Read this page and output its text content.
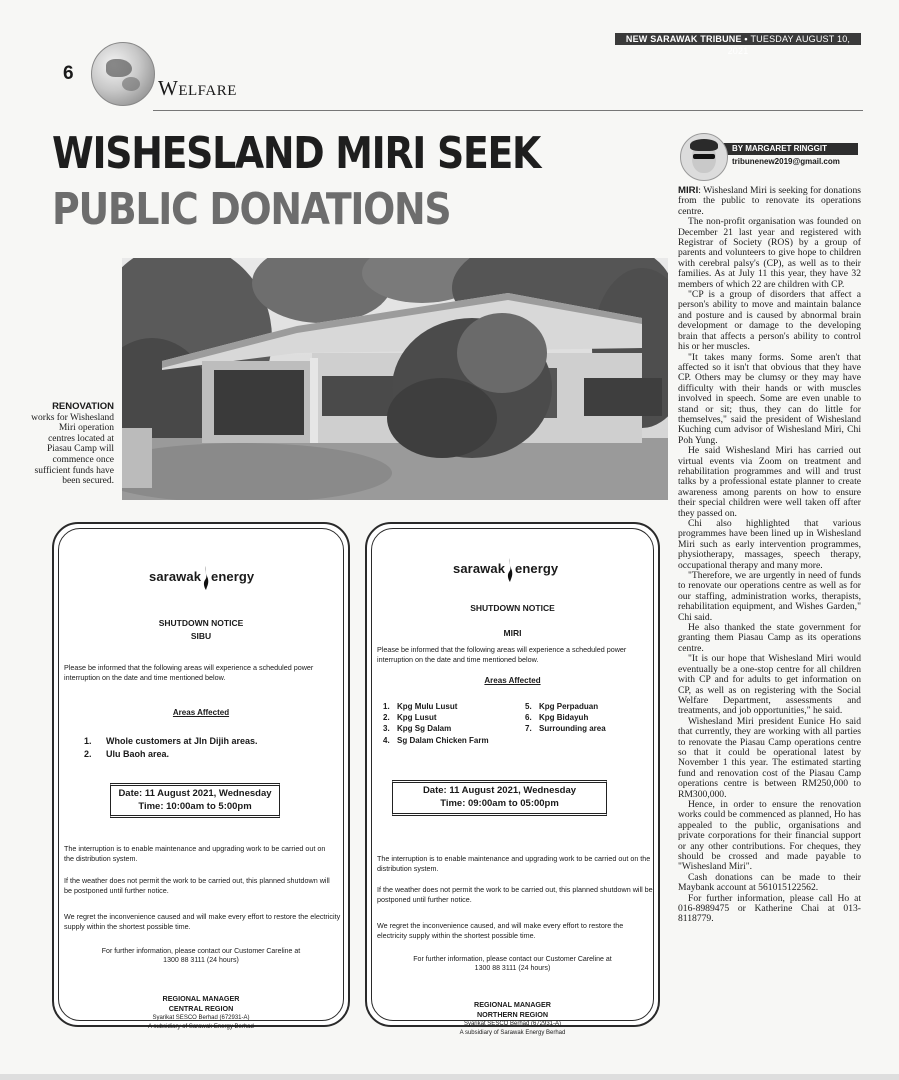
NEW SARAWAK TRIBUNE • TUESDAY AUGUST 10, 2021
6
WELFARE
WISHESLAND MIRI SEEK
PUBLIC DONATIONS
RENOVATION works for Wishesland Miri operation centres located at Piasau Camp will commence once sufficient funds have been secured.
BY MARGARET RINGGIT
tribunenew2019@gmail.com

MIRI: Wishesland Miri is seeking for donations from the public to renovate its operations centre.

The non-profit organisation was founded on December 21 last year and registered with Registrar of Society (ROS) by a group of parents and volunteers to give hope to children with cerebral palsy's (CP), as well as to their families. As at July 11 this year, they have 32 members of which 22 are children with CP.

"CP is a group of disorders that affect a person's ability to move and maintain balance and posture and is caused by abnormal brain development or damage to the developing brain that affects a person's ability to control his or her muscles.

"It takes many forms. Some aren't that affected so it isn't that obvious that they have CP. Others may be clumsy or they may have difficulty with their hands or with muscles involved in speech. Some are even unable to stand or sit; thus, they can do little for themselves," said the president of Wishesland Kuching cum advisor of Wishesland Miri, Chi Poh Yung.

He said Wishesland Miri has carried out virtual events via Zoom on treatment and rehabilitation programmes and will and trust talks by a professional estate planner to create awareness among parents on how to ensure their special children were well taken off after they passed on.

Chi also highlighted that various programmes have been lined up in Wishesland Miri such as early intervention programmes, physiotherapy, massages, speech therapy, occupational therapy and many more.

"Therefore, we are urgently in need of funds to renovate our operations centre as well as for our staffing, administration works, therapists, rehabilitation equipment, and Wishes Garden," Chi said.

He also thanked the state government for granting them Piasau Camp as its operations centre.

"It is our hope that Wishesland Miri would eventually be a one-stop centre for all children with CP and for adults to get information on CP, as well as on registering with the Social Welfare Department, assessments and treatments, and job opportunities," he said.

Wishesland Miri president Eunice Ho said that currently, they are working with all parties to renovate the Piasau Camp operations centre so that it could be operational latest by November 1 this year. The estimated starting fund and renovation cost of the Piasau Camp operations centre is between RM250,000 to RM300,000.

Hence, in order to ensure the renovation works could be commenced as planned, Ho has appealed to the public, organisations and private corporations for their financial support or any other contributions. For cheques, they should be crossed and made payable to "Wishesland Miri".

Cash donations can be made to their Maybank account at 561015122562.

For further information, please call Ho at 016-8989475 or Katherine Chai at 013-8118779.

sarawak energy
SHUTDOWN NOTICE
SIBU
Please be informed that the following areas will experience a scheduled power interruption on the date and time mentioned below.
Areas Affected
1. Whole customers at Jln Dijih areas.
2. Ulu Baoh area.
Date: 11 August 2021, Wednesday
Time: 10:00am to 5:00pm
The interruption is to enable maintenance and upgrading work to be carried out on the distribution system.
If the weather does not permit the work to be carried out, this planned shutdown will be postponed until further notice.
We regret the inconvenience caused and will make every effort to restore the electricity supply within the shortest possible time.
For further information, please contact our Customer Careline at
1300 88 3111 (24 hours)
REGIONAL MANAGER
CENTRAL REGION
Syarikat SESCO Berhad (672931-A)
A subsidiary of Sarawak Energy Berhad
sarawak energy
SHUTDOWN NOTICE
MIRI
Please be informed that the following areas will experience a scheduled power interruption on the date and time mentioned below.
Areas Affected
1. Kpg Mulu Lusut
2. Kpg Lusut
3. Kpg Sg Dalam
4. Sg Dalam Chicken Farm
5. Kpg Perpaduan
6. Kpg Bidayuh
7. Surrounding area
Date: 11 August 2021, Wednesday
Time: 09:00am to 05:00pm
The interruption is to enable maintenance and upgrading work to be carried out on the distribution system.
If the weather does not permit the work to be carried out, this planned shutdown will be postponed until further notice.
We regret the inconvenience caused, and will make every effort to restore the electricity supply within the shortest possible time.
For further information, please contact our Customer Careline at
1300 88 3111 (24 hours)
REGIONAL MANAGER
NORTHERN REGION
Syarikat SESCO Berhad (672931-A)
A subsidiary of Sarawak Energy Berhad
